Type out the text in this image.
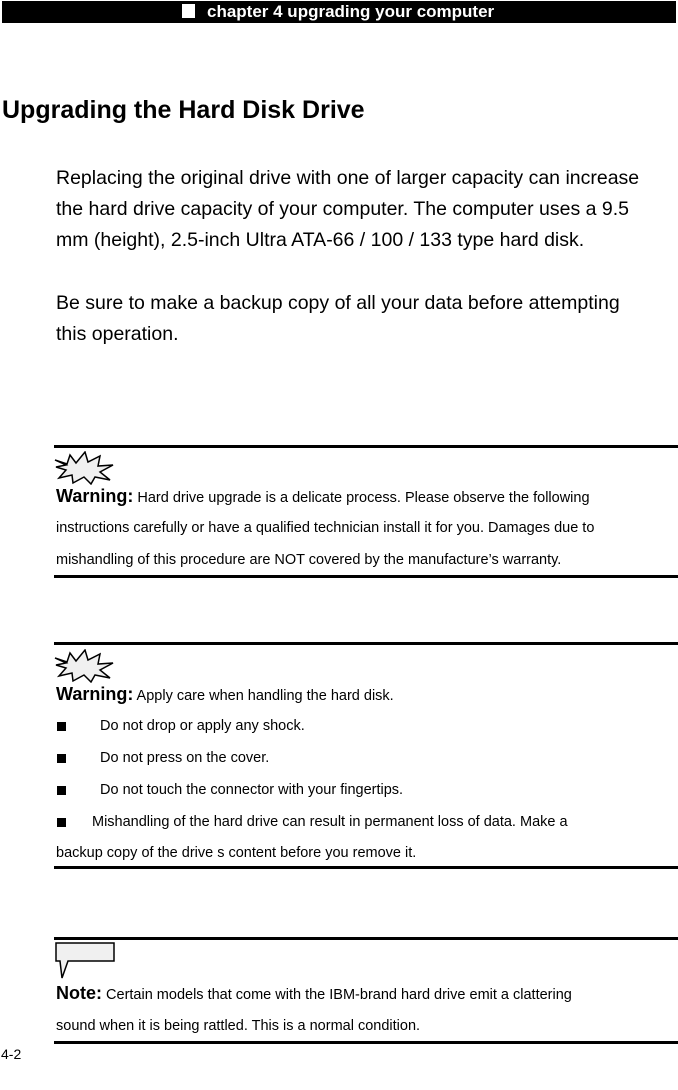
chapter 4 upgrading your computer
Upgrading the Hard Disk Drive

Replacing the original drive with one of larger capacity can increase
the hard drive capacity of your computer. The computer uses a 9.5
mm (height), 2.5-inch Ultra ATA-66 / 100 / 133 type hard disk.

Be sure to make a backup copy of all your data before attempting
this operation.

Warning: Hard drive upgrade is a delicate process. Please observe the following

instructions carefully or have a qualified technician install it for you. Damages due to

mishandling of this procedure are NOT covered by the manufacture’s warranty.

Warning: Apply care when handling the hard disk.

Do not drop or apply any shock.
Do not press on the cover.
Do not touch the connector with your fingertips.
Mishandling of the hard drive can result in permanent loss of data. Make a

backup copy of the drive s content before you remove it.

Note: Certain models that come with the IBM-brand hard drive emit a clattering

sound when it is being rattled. This is a normal condition.

4-2
